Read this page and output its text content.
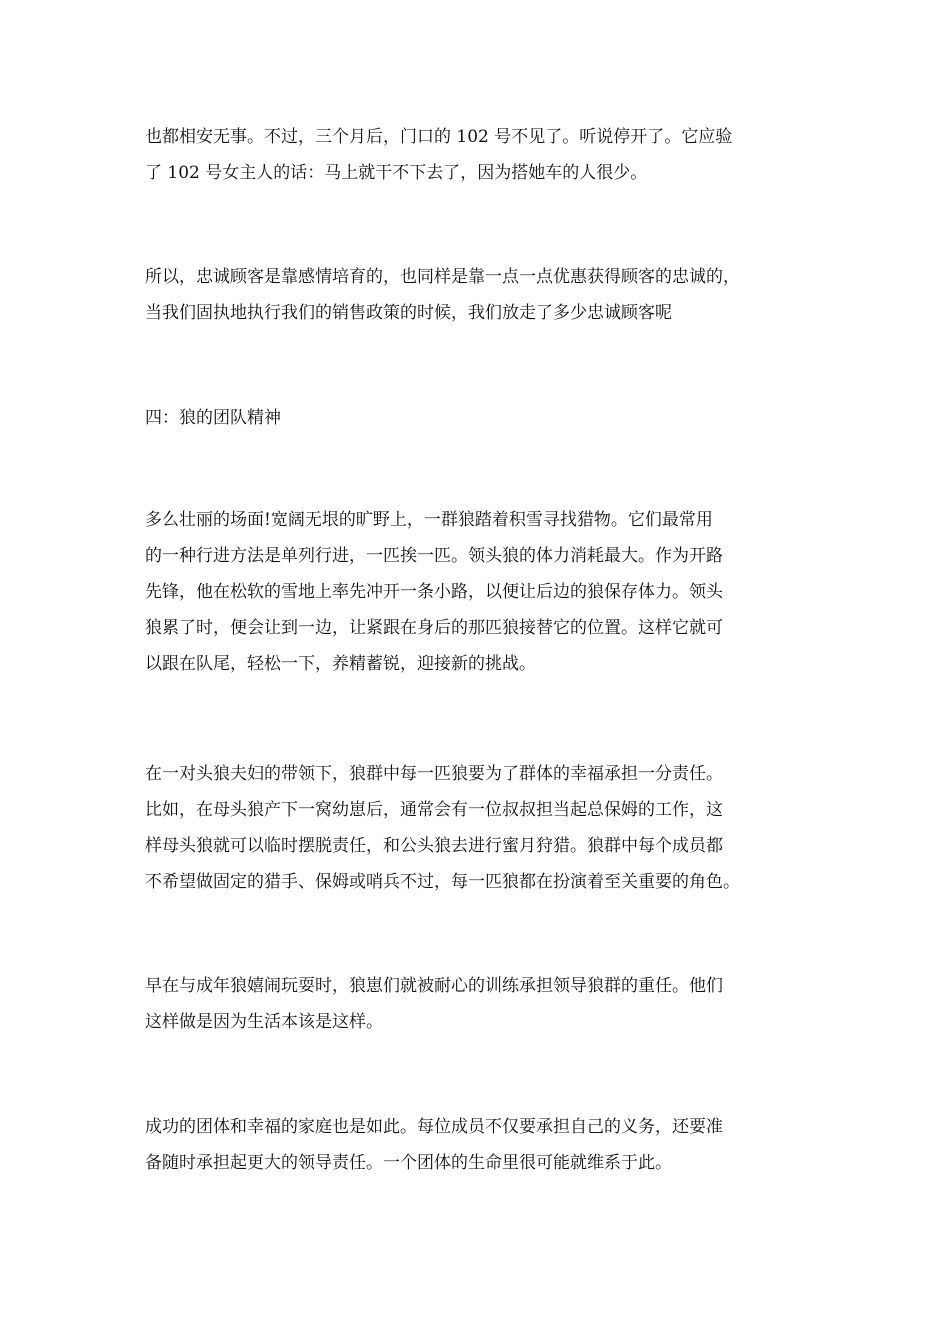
也都相安无事。不过，三个月后，门口的 102 号不见了。听说停开了。它应验
了 102 号女主人的话：马上就干不下去了，因为搭她车的人很少。
所以，忠诚顾客是靠感情培育的，也同样是靠一点一点优惠获得顾客的忠诚的，
当我们固执地执行我们的销售政策的时候，我们放走了多少忠诚顾客呢
四：狼的团队精神
多么壮丽的场面!宽阔无垠的旷野上，一群狼踏着积雪寻找猎物。它们最常用
的一种行进方法是单列行进，一匹挨一匹。领头狼的体力消耗最大。作为开路
先锋，他在松软的雪地上率先冲开一条小路，以便让后边的狼保存体力。领头
狼累了时，便会让到一边，让紧跟在身后的那匹狼接替它的位置。这样它就可
以跟在队尾，轻松一下，养精蓄锐，迎接新的挑战。
在一对头狼夫妇的带领下，狼群中每一匹狼要为了群体的幸福承担一分责任。
比如，在母头狼产下一窝幼崽后，通常会有一位叔叔担当起总保姆的工作，这
样母头狼就可以临时摆脱责任，和公头狼去进行蜜月狩猎。狼群中每个成员都
不希望做固定的猎手、保姆或哨兵不过，每一匹狼都在扮演着至关重要的角色。
早在与成年狼嬉闹玩耍时，狼崽们就被耐心的训练承担领导狼群的重任。他们
这样做是因为生活本该是这样。
成功的团体和幸福的家庭也是如此。每位成员不仅要承担自己的义务，还要准
备随时承担起更大的领导责任。一个团体的生命里很可能就维系于此。
